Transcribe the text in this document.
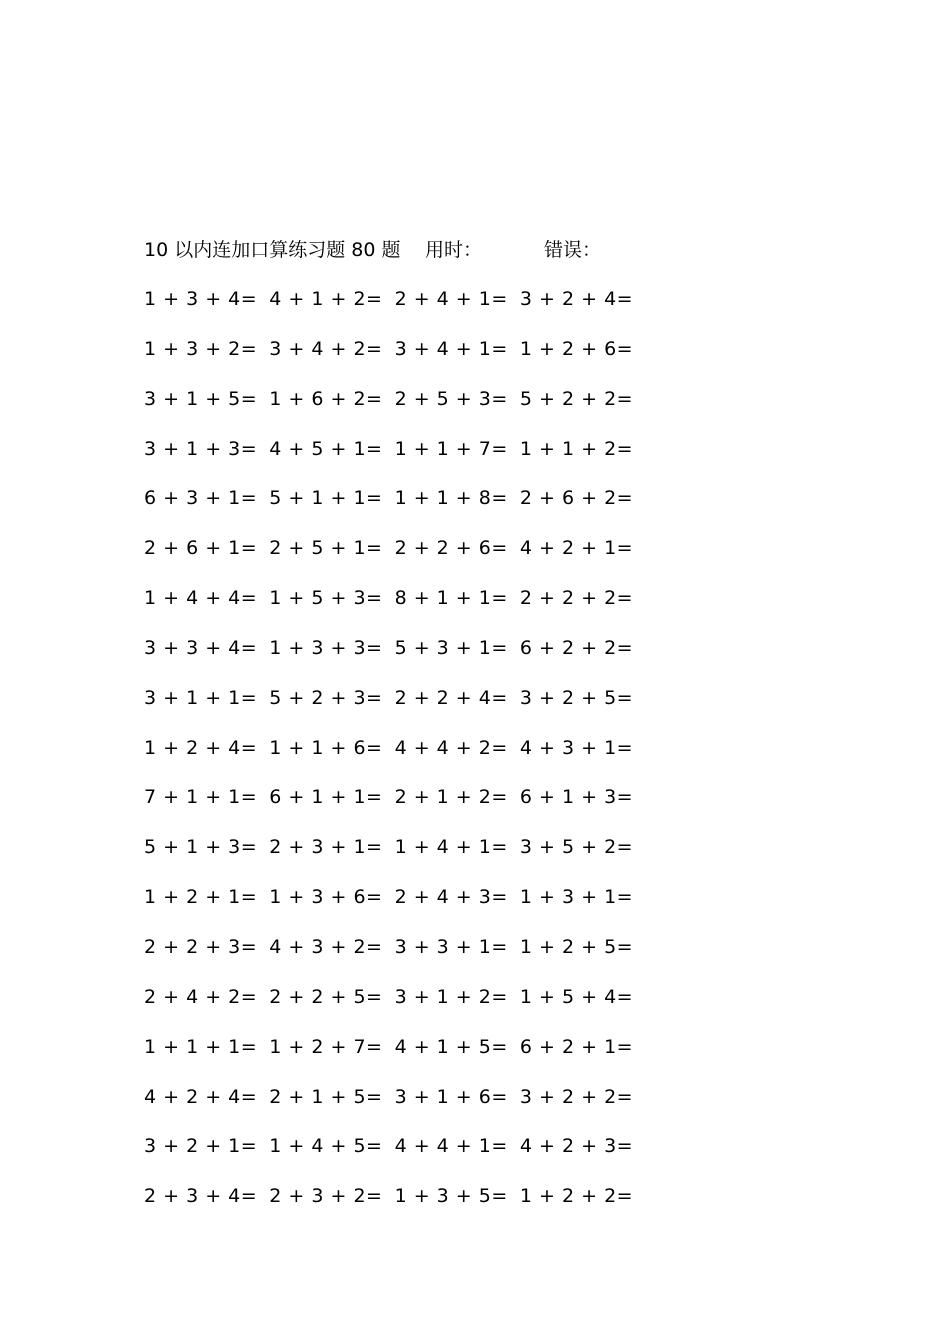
10 以内连加口算练习题 80 题 用时：	错误：
1 + 3 + 4= 4 + 1 + 2= 2 + 4 + 1= 3 + 2 + 4=
1 + 3 + 2= 3 + 4 + 2= 3 + 4 + 1= 1 + 2 + 6=
3 + 1 + 5= 1 + 6 + 2= 2 + 5 + 3= 5 + 2 + 2=
3 + 1 + 3= 4 + 5 + 1= 1 + 1 + 7= 1 + 1 + 2=
6 + 3 + 1= 5 + 1 + 1= 1 + 1 + 8= 2 + 6 + 2=
2 + 6 + 1= 2 + 5 + 1= 2 + 2 + 6= 4 + 2 + 1=
1 + 4 + 4= 1 + 5 + 3= 8 + 1 + 1= 2 + 2 + 2=
3 + 3 + 4= 1 + 3 + 3= 5 + 3 + 1= 6 + 2 + 2=
3 + 1 + 1= 5 + 2 + 3= 2 + 2 + 4= 3 + 2 + 5=
1 + 2 + 4= 1 + 1 + 6= 4 + 4 + 2= 4 + 3 + 1=
7 + 1 + 1= 6 + 1 + 1= 2 + 1 + 2= 6 + 1 + 3=
5 + 1 + 3= 2 + 3 + 1= 1 + 4 + 1= 3 + 5 + 2=
1 + 2 + 1= 1 + 3 + 6= 2 + 4 + 3= 1 + 3 + 1=
2 + 2 + 3= 4 + 3 + 2= 3 + 3 + 1= 1 + 2 + 5=
2 + 4 + 2= 2 + 2 + 5= 3 + 1 + 2= 1 + 5 + 4=
1 + 1 + 1= 1 + 2 + 7= 4 + 1 + 5= 6 + 2 + 1=
4 + 2 + 4= 2 + 1 + 5= 3 + 1 + 6= 3 + 2 + 2=
3 + 2 + 1= 1 + 4 + 5= 4 + 4 + 1= 4 + 2 + 3=
2 + 3 + 4= 2 + 3 + 2= 1 + 3 + 5= 1 + 2 + 2=
